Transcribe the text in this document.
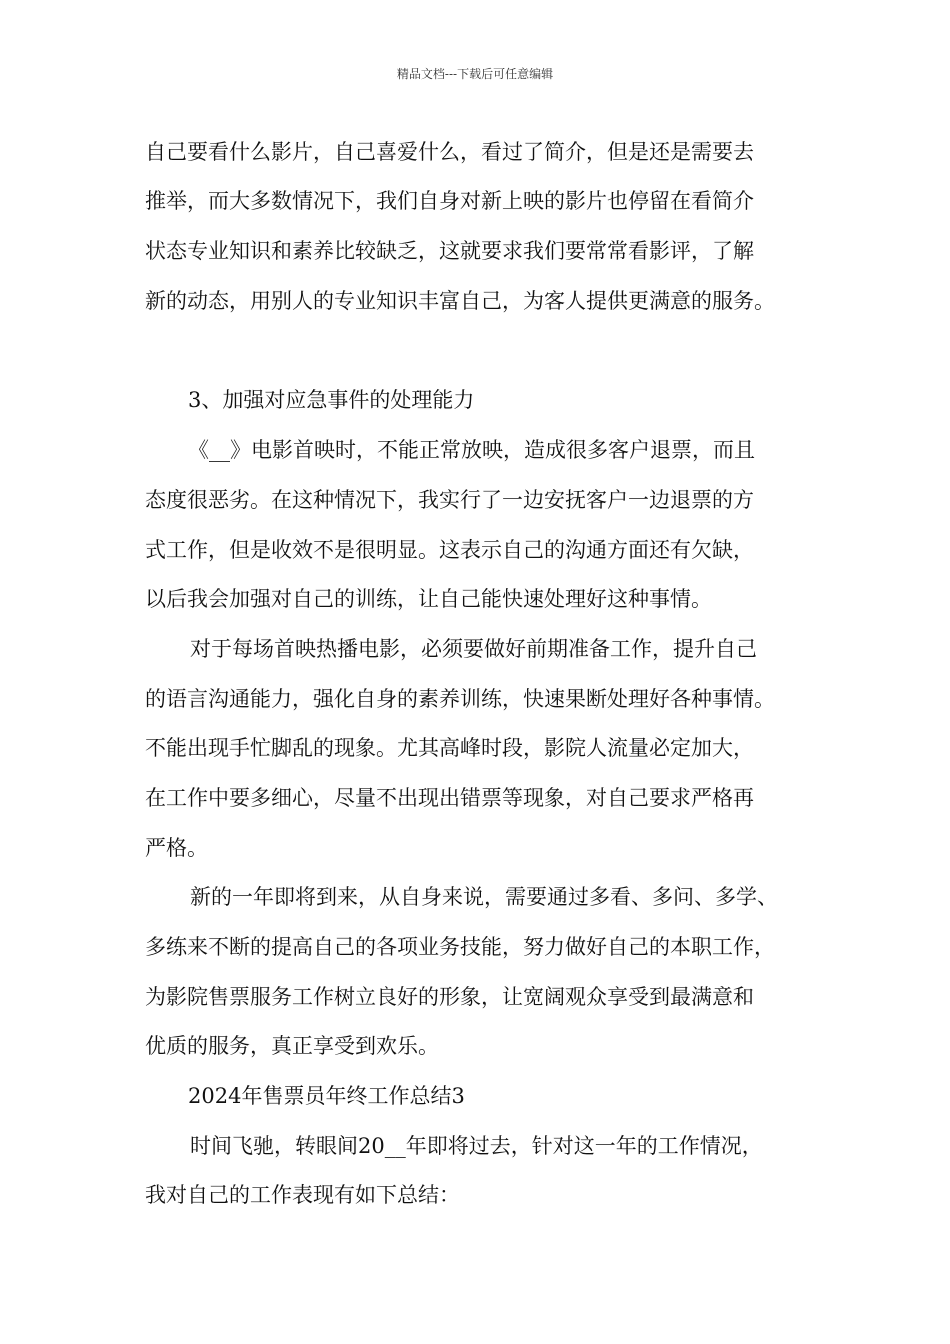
精品文档---下载后可任意编辑

自己要看什么影片，自己喜爱什么，看过了简介，但是还是需要去

推举，而大多数情况下，我们自身对新上映的影片也停留在看简介

状态专业知识和素养比较缺乏，这就要求我们要常常看影评，了解

新的动态，用别人的专业知识丰富自己，为客人提供更满意的服务。

3、加强对应急事件的处理能力

《__》电影首映时，不能正常放映，造成很多客户退票，而且

态度很恶劣。在这种情况下，我实行了一边安抚客户一边退票的方

式工作，但是收效不是很明显。这表示自己的沟通方面还有欠缺，

以后我会加强对自己的训练，让自己能快速处理好这种事情。

对于每场首映热播电影，必须要做好前期准备工作，提升自己

的语言沟通能力，强化自身的素养训练，快速果断处理好各种事情。

不能出现手忙脚乱的现象。尤其高峰时段，影院人流量必定加大，

在工作中要多细心，尽量不出现出错票等现象，对自己要求严格再

严格。

新的一年即将到来，从自身来说，需要通过多看、多问、多学、

多练来不断的提高自己的各项业务技能，努力做好自己的本职工作，

为影院售票服务工作树立良好的形象，让宽阔观众享受到最满意和

优质的服务，真正享受到欢乐。

2024年售票员年终工作总结3

时间飞驰，转眼间20__年即将过去，针对这一年的工作情况，

我对自己的工作表现有如下总结：
